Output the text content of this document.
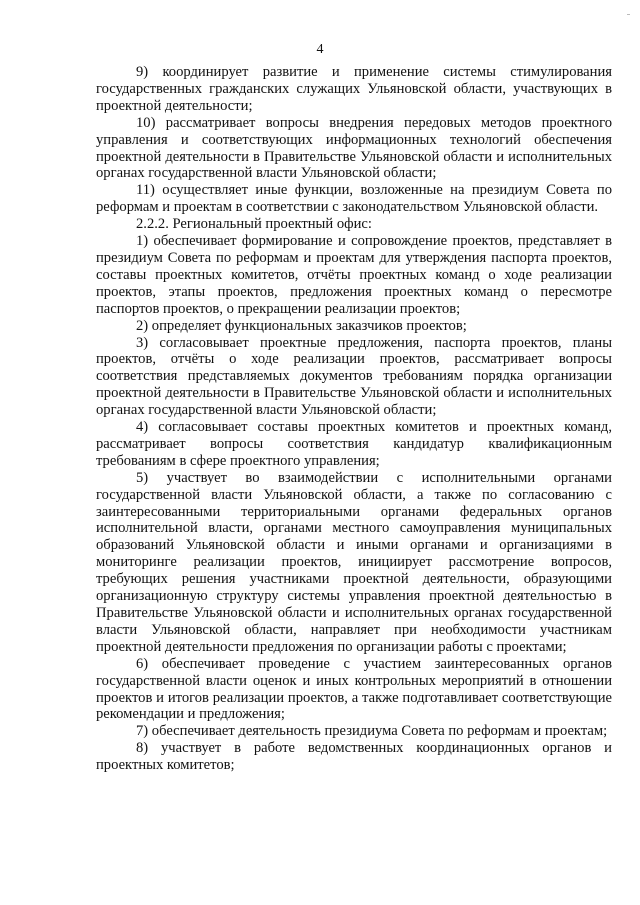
4

9) координирует развитие и применение системы стимулирования государственных гражданских служащих Ульяновской области, участвующих в проектной деятельности;

10) рассматривает вопросы внедрения передовых методов проектного управления и соответствующих информационных технологий обеспечения проектной деятельности в Правительстве Ульяновской области и исполнительных органах государственной власти Ульяновской области;

11) осуществляет иные функции, возложенные на президиум Совета по реформам и проектам в соответствии с законодательством Ульяновской области.

2.2.2. Региональный проектный офис:

1) обеспечивает формирование и сопровождение проектов, представляет в президиум Совета по реформам и проектам для утверждения паспорта проектов, составы проектных комитетов, отчёты проектных команд о ходе реализации проектов, этапы проектов, предложения проектных команд о пересмотре паспортов проектов, о прекращении реализации проектов;

2) определяет функциональных заказчиков проектов;

3) согласовывает проектные предложения, паспорта проектов, планы проектов, отчёты о ходе реализации проектов, рассматривает вопросы соответствия представляемых документов требованиям порядка организации проектной деятельности в Правительстве Ульяновской области и исполнительных органах государственной власти Ульяновской области;

4) согласовывает составы проектных комитетов и проектных команд, рассматривает вопросы соответствия кандидатур квалификационным требованиям в сфере проектного управления;

5) участвует во взаимодействии с исполнительными органами государственной власти Ульяновской области, а также по согласованию с заинтересованными территориальными органами федеральных органов исполнительной власти, органами местного самоуправления муниципальных образований Ульяновской области и иными органами и организациями в мониторинге реализации проектов, инициирует рассмотрение вопросов, требующих решения участниками проектной деятельности, образующими организационную структуру системы управления проектной деятельностью в Правительстве Ульяновской области и исполнительных органах государственной власти Ульяновской области, направляет при необходимости участникам проектной деятельности предложения по организации работы с проектами;

6) обеспечивает проведение с участием заинтересованных органов государственной власти оценок и иных контрольных мероприятий в отношении проектов и итогов реализации проектов, а также подготавливает соответствующие рекомендации и предложения;

7) обеспечивает деятельность президиума Совета по реформам и проектам;

8) участвует в работе ведомственных координационных органов и проектных комитетов;
